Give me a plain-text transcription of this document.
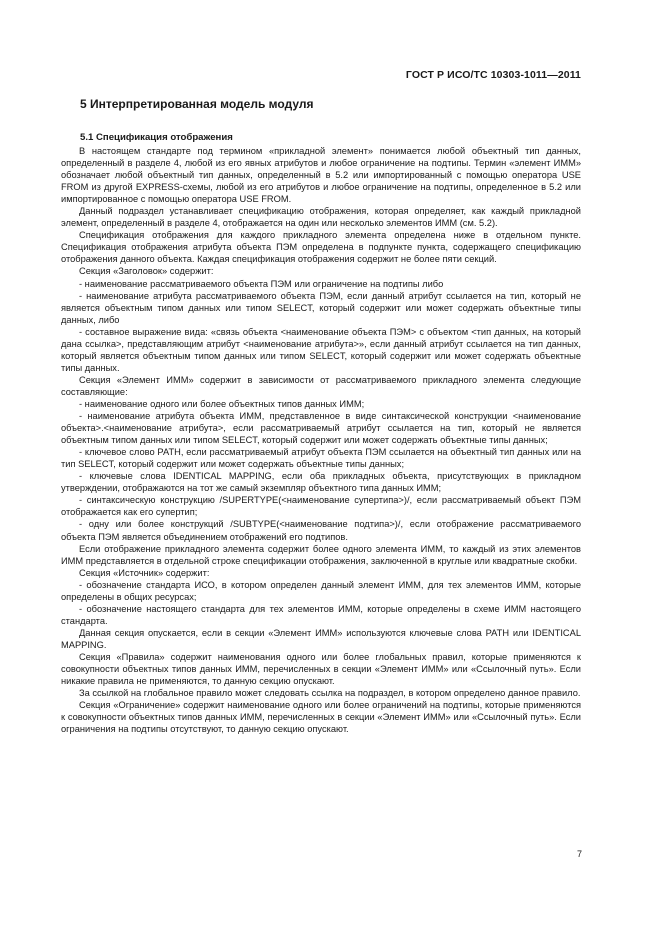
ГОСТ Р ИСО/ТС 10303-1011—2011
5 Интерпретированная модель модуля
5.1 Спецификация отображения

В настоящем стандарте под термином «прикладной элемент» понимается любой объектный тип данных, определенный в разделе 4, любой из его явных атрибутов и любое ограничение на подтипы. Термин «элемент ИММ» обозначает любой объектный тип данных, определенный в 5.2 или импортированный с помощью оператора USE FROM из другой EXPRESS-схемы, любой из его атрибутов и любое ограничение на подтипы, определенное в 5.2 или импортированное с помощью оператора USE FROM.

Данный подраздел устанавливает спецификацию отображения, которая определяет, как каждый прикладной элемент, определенный в разделе 4, отображается на один или несколько элементов ИММ (см. 5.2).

Спецификация отображения для каждого прикладного элемента определена ниже в отдельном пункте. Спецификация отображения атрибута объекта ПЭМ определена в подпункте пункта, содержащего спецификацию отображения данного объекта. Каждая спецификация отображения содержит не более пяти секций.

Секция «Заголовок» содержит:

- наименование рассматриваемого объекта ПЭМ или ограничение на подтипы либо

- наименование атрибута рассматриваемого объекта ПЭМ, если данный атрибут ссылается на тип, который не является объектным типом данных или типом SELECT, который содержит или может содержать объектные типы данных, либо

- составное выражение вида: «связь объекта <наименование объекта ПЭМ> с объектом <тип данных, на который дана ссылка>, представляющим атрибут <наименование атрибута>», если данный атрибут ссылается на тип данных, который является объектным типом данных или типом SELECT, который содержит или может содержать объектные типы данных.

Секция «Элемент ИММ» содержит в зависимости от рассматриваемого прикладного элемента следующие составляющие:

- наименование одного или более объектных типов данных ИММ;

- наименование атрибута объекта ИММ, представленное в виде синтаксической конструкции <наименование объекта>.<наименование атрибута>, если рассматриваемый атрибут ссылается на тип, который не является объектным типом данных или типом SELECT, который содержит или может содержать объектные типы данных;

- ключевое слово PATH, если рассматриваемый атрибут объекта ПЭМ ссылается на объектный тип данных или на тип SELECT, который содержит или может содержать объектные типы данных;

- ключевые слова IDENTICAL MAPPING, если оба прикладных объекта, присутствующих в прикладном утверждении, отображаются на тот же самый экземпляр объектного типа данных ИММ;

- синтаксическую конструкцию /SUPERTYPE(<наименование супертипа>)/, если рассматриваемый объект ПЭМ отображается как его супертип;

- одну или более конструкций /SUBTYPE(<наименование подтипа>)/, если отображение рассматриваемого объекта ПЭМ является объединением отображений его подтипов.

Если отображение прикладного элемента содержит более одного элемента ИММ, то каждый из этих элементов ИММ представляется в отдельной строке спецификации отображения, заключенной в круглые или квадратные скобки.

Секция «Источник» содержит:

- обозначение стандарта ИСО, в котором определен данный элемент ИММ, для тех элементов ИММ, которые определены в общих ресурсах;

- обозначение настоящего стандарта для тех элементов ИММ, которые определены в схеме ИММ настоящего стандарта.

Данная секция опускается, если в секции «Элемент ИММ» используются ключевые слова PATH или IDENTICAL MAPPING.

Секция «Правила» содержит наименования одного или более глобальных правил, которые применяются к совокупности объектных типов данных ИММ, перечисленных в секции «Элемент ИММ» или «Ссылочный путь». Если никакие правила не применяются, то данную секцию опускают.

За ссылкой на глобальное правило может следовать ссылка на подраздел, в котором определено данное правило.

Секция «Ограничение» содержит наименование одного или более ограничений на подтипы, которые применяются к совокупности объектных типов данных ИММ, перечисленных в секции «Элемент ИММ» или «Ссылочный путь». Если ограничения на подтипы отсутствуют, то данную секцию опускают.

7
